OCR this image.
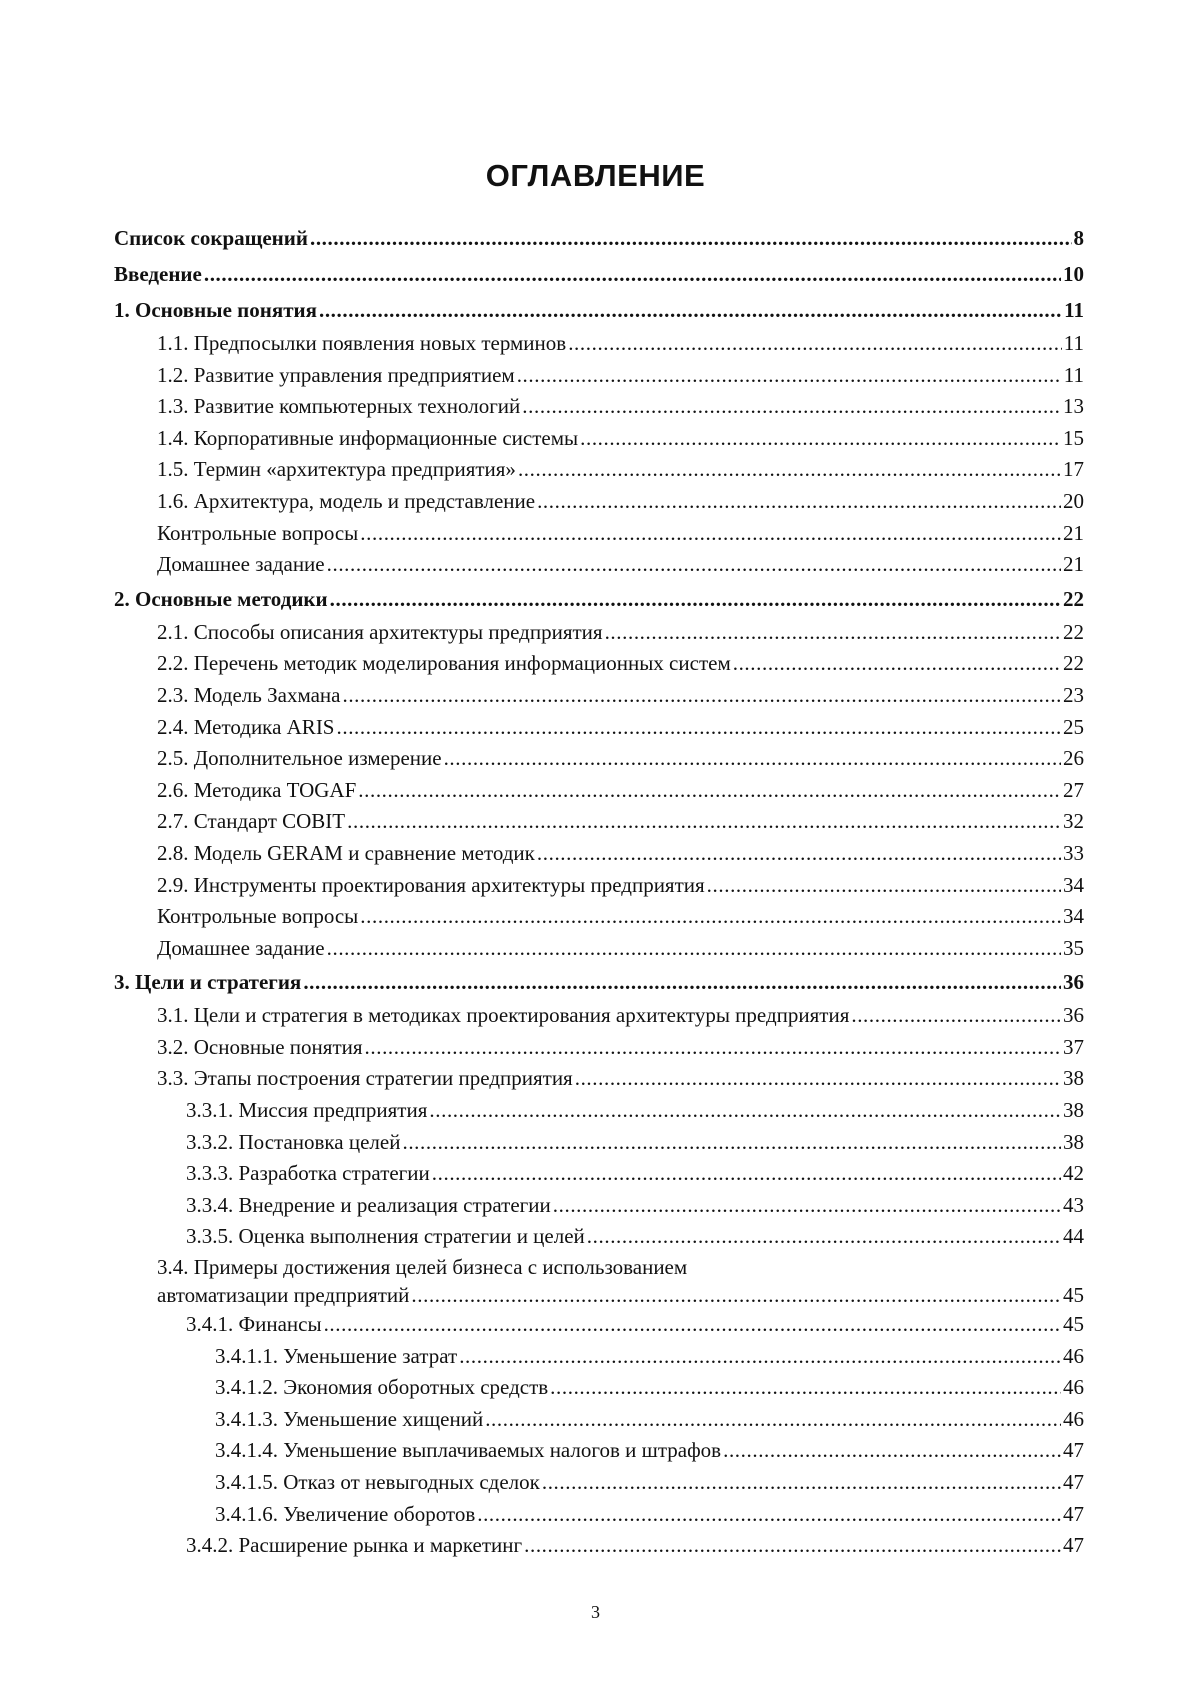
ОГЛАВЛЕНИЕ
Список сокращений .....	8
Введение .....	10
1. Основные понятия .....	11
1.1. Предпосылки появления новых терминов .....	11
1.2. Развитие управления предприятием .....	11
1.3. Развитие компьютерных технологий .....	13
1.4. Корпоративные информационные системы .....	15
1.5. Термин «архитектура предприятия» .....	17
1.6. Архитектура, модель и представление .....	20
Контрольные вопросы .....	21
Домашнее задание .....	21
2. Основные методики .....	22
2.1. Способы описания архитектуры предприятия .....	22
2.2. Перечень методик моделирования информационных систем .....	22
2.3. Модель Захмана .....	23
2.4. Методика ARIS .....	25
2.5. Дополнительное измерение .....	26
2.6. Методика TOGAF .....	27
2.7. Стандарт COBIT .....	32
2.8. Модель GERAM и сравнение методик .....	33
2.9. Инструменты проектирования архитектуры предприятия .....	34
Контрольные вопросы .....	34
Домашнее задание .....	35
3. Цели и стратегия .....	36
3.1. Цели и стратегия в методиках проектирования архитектуры предприятия .....	36
3.2. Основные понятия .....	37
3.3. Этапы построения стратегии предприятия .....	38
3.3.1. Миссия предприятия .....	38
3.3.2. Постановка целей .....	38
3.3.3. Разработка стратегии .....	42
3.3.4. Внедрение и реализация стратегии .....	43
3.3.5. Оценка выполнения стратегии и целей .....	44
3.4. Примеры достижения целей бизнеса с использованием
автоматизации предприятий .....	45
3.4.1. Финансы .....	45
3.4.1.1. Уменьшение затрат .....	46
3.4.1.2. Экономия оборотных средств .....	46
3.4.1.3. Уменьшение хищений .....	46
3.4.1.4. Уменьшение выплачиваемых налогов и штрафов .....	47
3.4.1.5. Отказ от невыгодных сделок .....	47
3.4.1.6. Увеличение оборотов .....	47
3.4.2. Расширение рынка и маркетинг .....	47
3
